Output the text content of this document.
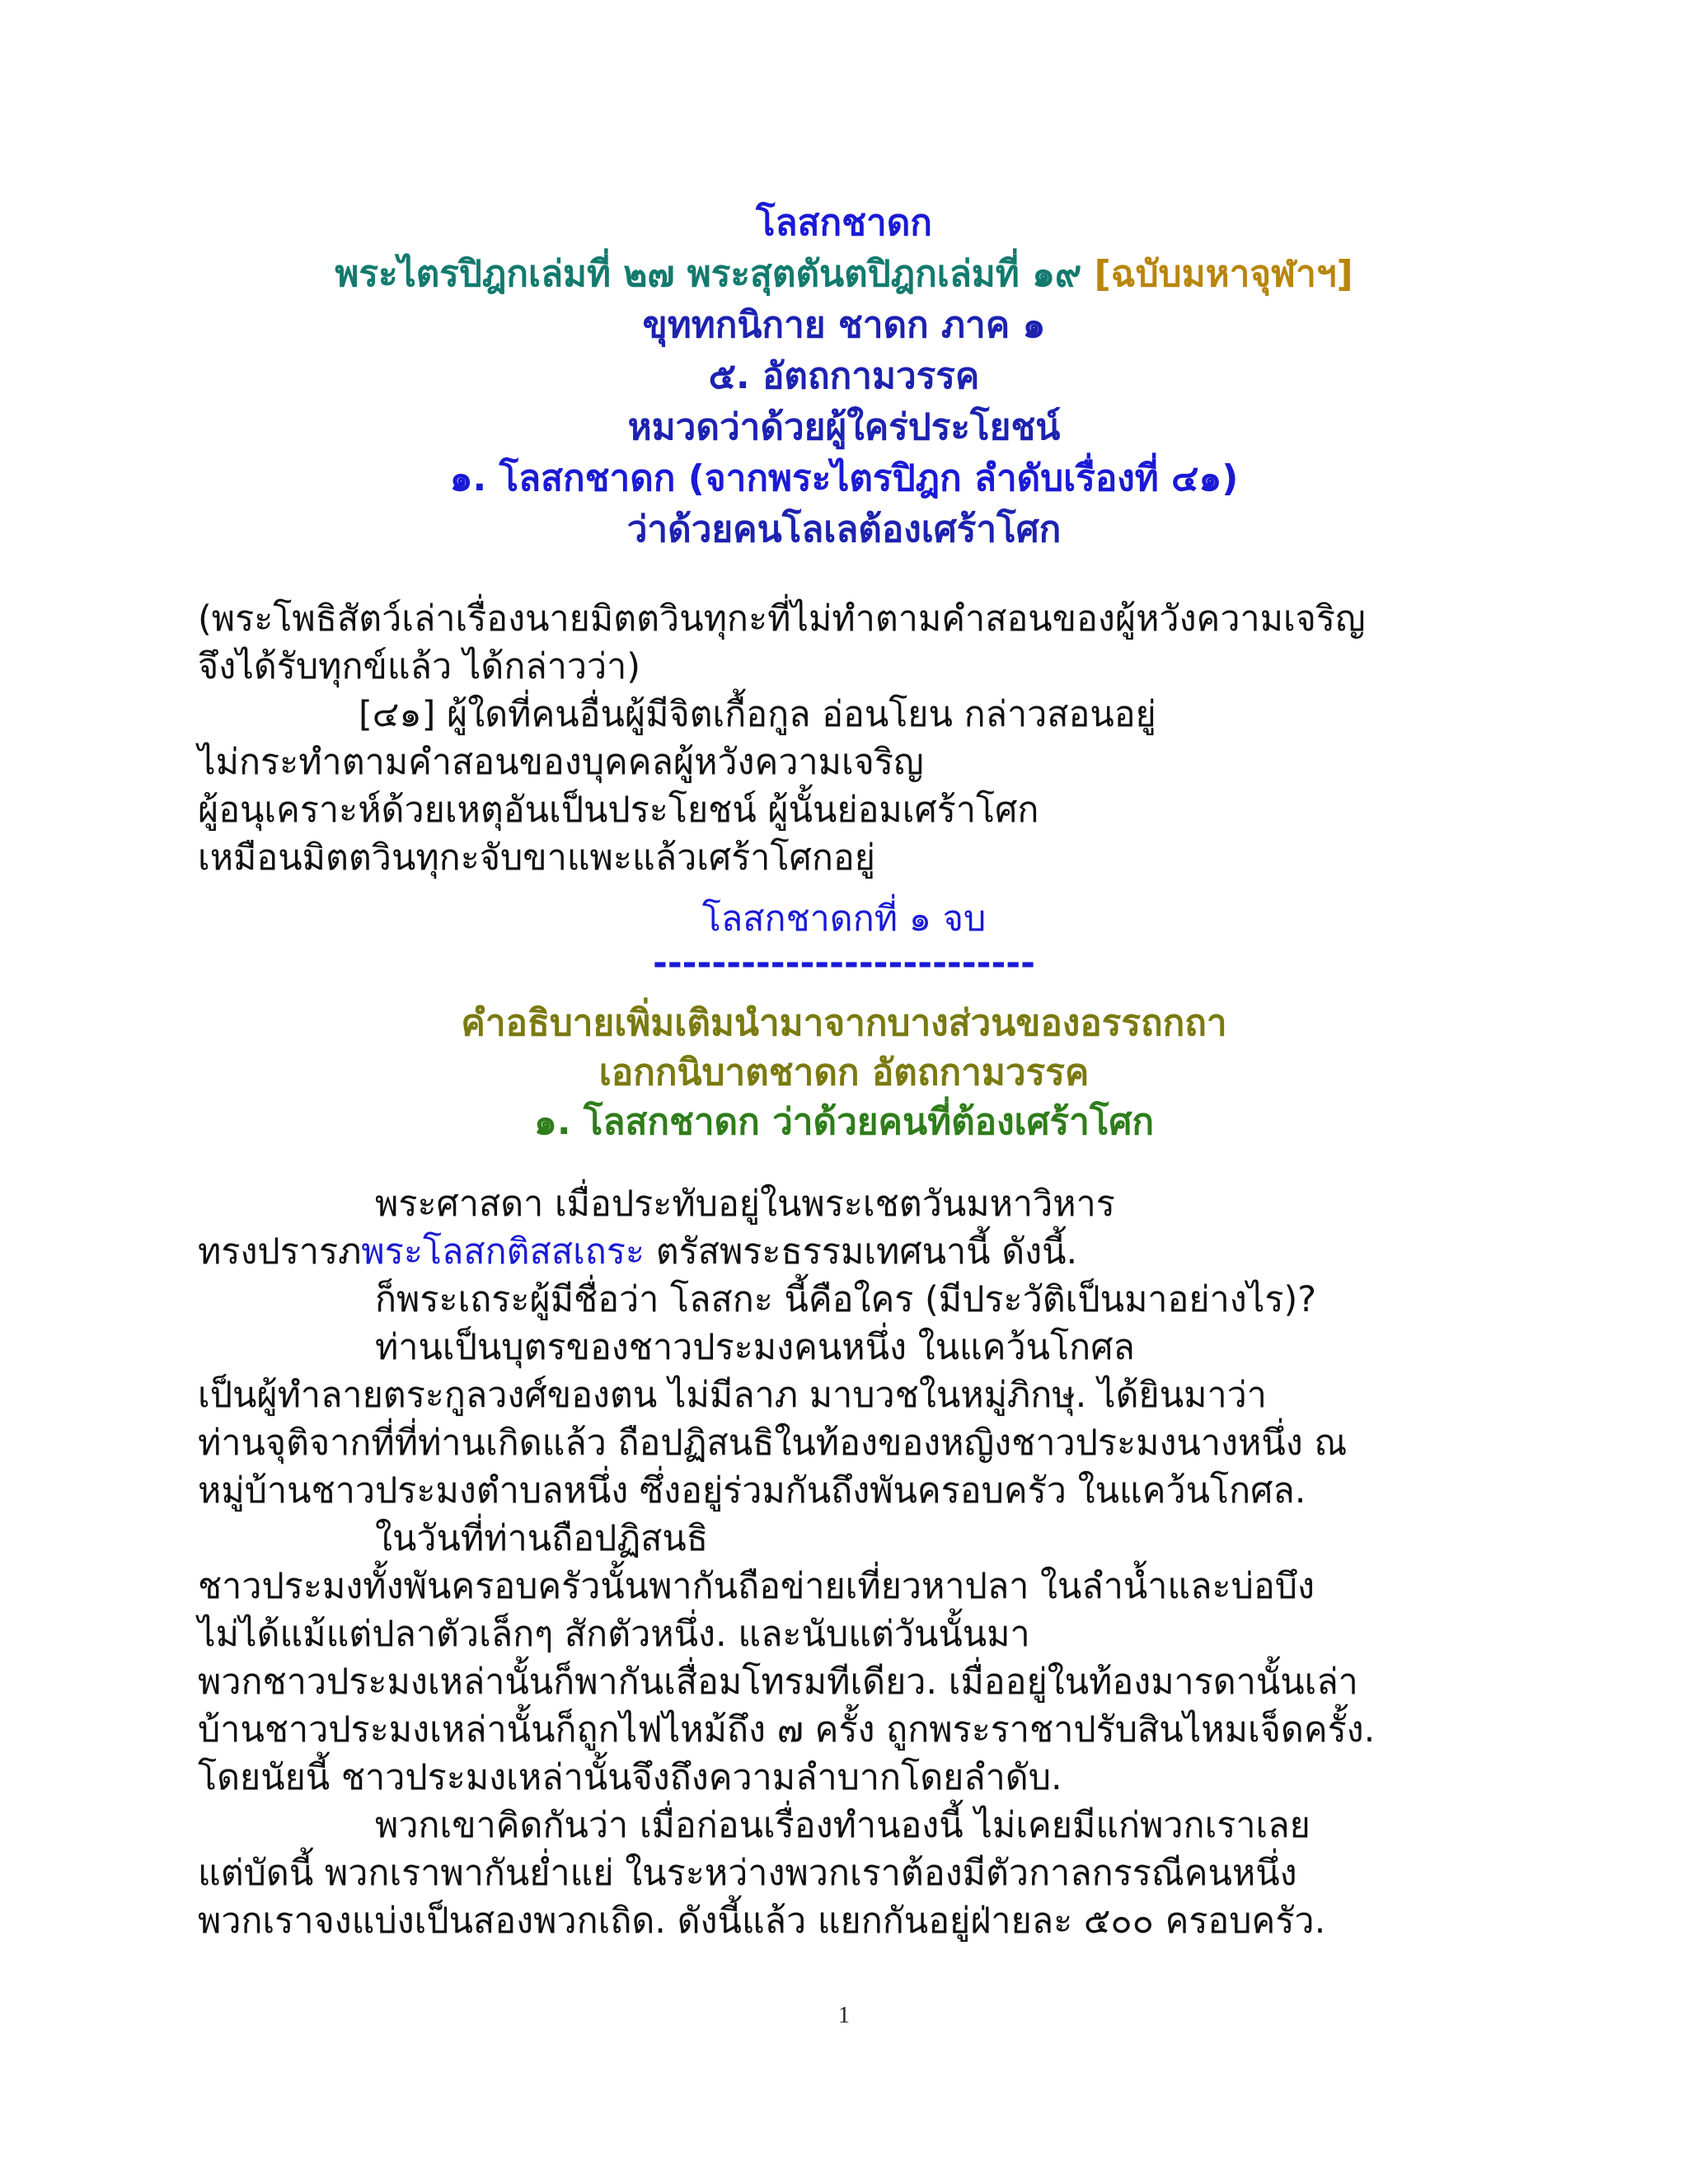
โลสกชาดก
พระไตรปิฎกเล่มที่ ๒๗ พระสุตตันตปิฎกเล่มที่ ๑๙ [ฉบับมหาจุฬาฯ]
ขุททกนิกาย ชาดก ภาค ๑
๕. อัตถกามวรรค
หมวดว่าด้วยผู้ใคร่ประโยชน์
๑. โลสกชาดก (จากพระไตรปิฎก ลำดับเรื่องที่ ๔๑)
ว่าด้วยคนโลเลต้องเศร้าโศก

(พระโพธิสัตว์เล่าเรื่องนายมิตตวินทุกะที่ไม่ทำตามคำสอนของผู้หวังความเจริญ

จึงได้รับทุกข์แล้ว ได้กล่าวว่า)

[๔๑] ผู้ใดที่คนอื่นผู้มีจิตเกื้อกูล อ่อนโยน กล่าวสอนอยู่

ไม่กระทำตามคำสอนของบุคคลผู้หวังความเจริญ

ผู้อนุเคราะห์ด้วยเหตุอันเป็นประโยชน์ ผู้นั้นย่อมเศร้าโศก

เหมือนมิตตวินทุกะจับขาแพะแล้วเศร้าโศกอยู่

โลสกชาดกที่ ๑ จบ
--------------------------
คำอธิบายเพิ่มเติมนำมาจากบางส่วนของอรรถกถา
เอกกนิบาตชาดก อัตถกามวรรค
๑. โลสกชาดก ว่าด้วยคนที่ต้องเศร้าโศก

พระศาสดา เมื่อประทับอยู่ในพระเชตวันมหาวิหาร

ทรงปรารภพระโลสกติสสเถระ ตรัสพระธรรมเทศนานี้ ดังนี้.

ก็พระเถระผู้มีชื่อว่า โลสกะ นี้คือใคร (มีประวัติเป็นมาอย่างไร)?

ท่านเป็นบุตรของชาวประมงคนหนึ่ง ในแคว้นโกศล

เป็นผู้ทำลายตระกูลวงศ์ของตน ไม่มีลาภ มาบวชในหมู่ภิกษุ. ได้ยินมาว่า

ท่านจุติจากที่ที่ท่านเกิดแล้ว ถือปฏิสนธิในท้องของหญิงชาวประมงนางหนึ่ง ณ

หมู่บ้านชาวประมงตำบลหนึ่ง ซึ่งอยู่ร่วมกันถึงพันครอบครัว ในแคว้นโกศล.

ในวันที่ท่านถือปฏิสนธิ

ชาวประมงทั้งพันครอบครัวนั้นพากันถือข่ายเที่ยวหาปลา ในลำน้ำและบ่อบึง

ไม่ได้แม้แต่ปลาตัวเล็กๆ สักตัวหนึ่ง. และนับแต่วันนั้นมา

พวกชาวประมงเหล่านั้นก็พากันเสื่อมโทรมทีเดียว. เมื่ออยู่ในท้องมารดานั้นเล่า

บ้านชาวประมงเหล่านั้นก็ถูกไฟไหม้ถึง ๗ ครั้ง ถูกพระราชาปรับสินไหมเจ็ดครั้ง.

โดยนัยนี้ ชาวประมงเหล่านั้นจึงถึงความลำบากโดยลำดับ.

พวกเขาคิดกันว่า เมื่อก่อนเรื่องทำนองนี้ ไม่เคยมีแก่พวกเราเลย

แต่บัดนี้ พวกเราพากันย่ำแย่ ในระหว่างพวกเราต้องมีตัวกาลกรรณีคนหนึ่ง

พวกเราจงแบ่งเป็นสองพวกเถิด. ดังนี้แล้ว แยกกันอยู่ฝ่ายละ ๕๐๐ ครอบครัว.

1
